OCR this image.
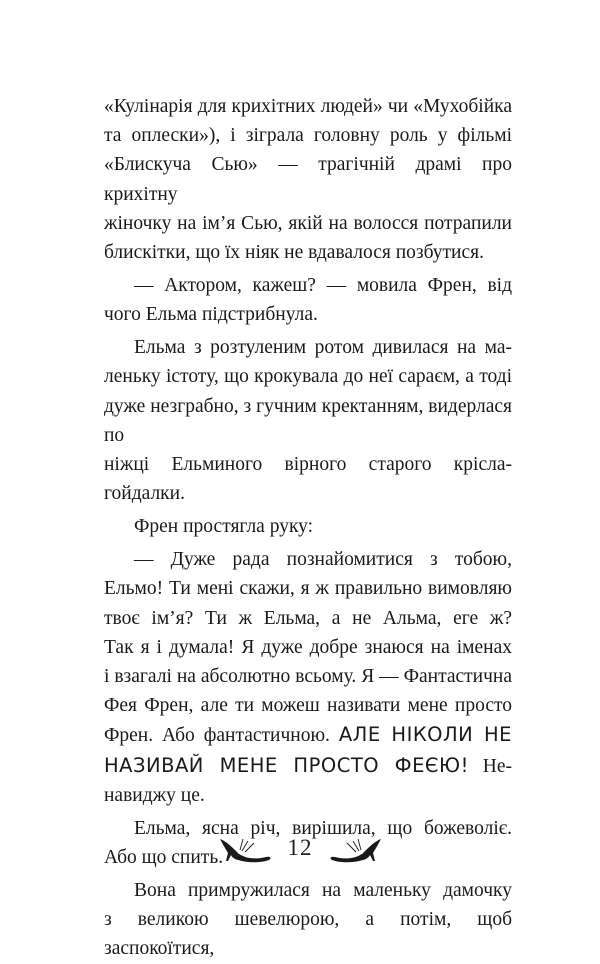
«Кулінарія для крихітних людей» чи «Мухобійка
та оплески»), і зіграла головну роль у фільмі
«Блискуча Сью» — трагічній драмі про крихітну
жіночку на ім’я Сью, якій на волосся потрапили

блискітки, що їх ніяк не вдавалося позбутися.

— Актором, кажеш? — мовила Френ, від

чого Ельма підстрибнула.

Ельма з розтуленим ротом дивилася на ма-

леньку істоту, що крокувала до неї сараєм, а тоді
дуже незграбно, з гучним кректанням, видерлася по
ніжці Ельминого вірного старого крісла-гойдалки.

Френ простягла руку:

— Дуже рада познайомитися з тобою,

Ельмо! Ти мені скажи, я ж правильно вимовляю
твоє ім’я? Ти ж Ельма, а не Альма, еге ж?
Так я і думала! Я дуже добре знаюся на іменах
і взагалі на абсолютно всьому. Я — Фантастична
Фея Френ, але ти можеш називати мене просто
Френ. Або фантастичною. АЛЕ НІКОЛИ НЕ
НАЗИВАЙ МЕНЕ ПРОСТО ФЕЄЮ! Не-

навиджу це.

Ельма, ясна річ, вирішила, що божеволіє.

Або що спить.

Вона примружилася на маленьку дамочку

з великою шевелюрою, а потім, щоб заспокоїтися,

12
